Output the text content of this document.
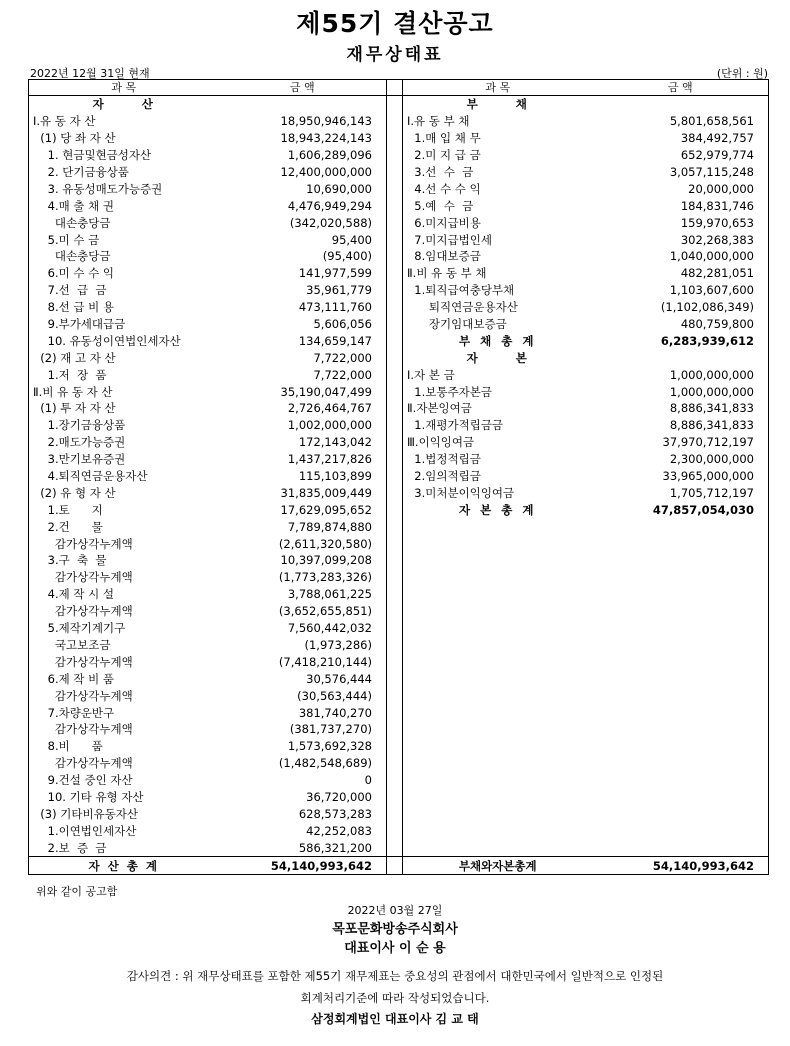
제55기 결산공고
재무상태표
2022년 12월 31일 현재	(단위 : 원)
과 목	금 액		과 목	금 액
자      산			부      채	
Ⅰ.유 동 자 산	18,950,946,143		Ⅰ.유 동 부 채	5,801,658,561
(1) 당 좌 자 산	18,943,224,143		1.매 입 채 무	384,492,757
1. 현금및현금성자산	1,606,289,096		2.미 지 급 금	652,979,774
2. 단기금융상품	12,400,000,000		3.선  수  금	3,057,115,248
3. 유동성매도가능증권	10,690,000		4.선 수 수 익	20,000,000
4.매 출 채 권	4,476,949,294		5.예  수  금	184,831,746
대손충당금	(342,020,588)		6.미지급비용	159,970,653
5.미 수 금	95,400		7.미지급법인세	302,268,383
대손충당금	(95,400)		8.임대보증금	1,040,000,000
6.미 수 수 익	141,977,599		Ⅱ.비 유 동 부 채	482,281,051
7.선  급  금	35,961,779		1.퇴직급여충당부채	1,103,607,600
8.선 급 비 용	473,111,760		퇴직연금운용자산	(1,102,086,349)
9.부가세대급금	5,606,056		장기임대보증금	480,759,800
10. 유동성이연법인세자산	134,659,147		부 채 총 계	6,283,939,612
(2) 재 고 자 산	7,722,000		자      본	
1.저  장  품	7,722,000		Ⅰ.자 본 금	1,000,000,000
Ⅱ.비 유 동 자 산	35,190,047,499		1.보통주자본금	1,000,000,000
(1) 투 자 자 산	2,726,464,767		Ⅱ.자본잉여금	8,886,341,833
1.장기금융상품	1,002,000,000		1.재평가적립금금	8,886,341,833
2.매도가능증권	172,143,042		Ⅲ.이익잉여금	37,970,712,197
3.만기보유증권	1,437,217,826		1.법정적립금	2,300,000,000
4.퇴직연금운용자산	115,103,899		2.임의적립금	33,965,000,000
(2) 유 형 자 산	31,835,009,449		3.미처분이익잉여금	1,705,712,197
1.토      지	17,629,095,652		자 본 총 계	47,857,054,030
2.건      물	7,789,874,880			
감가상각누계액	(2,611,320,580)			
3.구  축  물	10,397,099,208			
감가상각누계액	(1,773,283,326)			
4.제 작 시 설	3,788,061,225			
감가상각누계액	(3,652,655,851)			
5.제작기계기구	7,560,442,032			
국고보조금	(1,973,286)			
감가상각누계액	(7,418,210,144)			
6.제 작 비 품	30,576,444			
감가상각누계액	(30,563,444)			
7.차량운반구	381,740,270			
감가상각누계액	(381,737,270)			
8.비      품	1,573,692,328			
감가상각누계액	(1,482,548,689)			
9.건설 중인 자산	0			
10. 기타 유형 자산	36,720,000			
(3) 기타비유동자산	628,573,283			
1.이연법인세자산	42,252,083			
2.보  증  금	586,321,200			
자 산 총 계	54,140,993,642		부채와자본총계	54,140,993,642
위와 같이 공고함
2022년 03월 27일
목포문화방송주식회사
대표이사 이 순 용
감사의견 : 위 재무상태표를 포함한 제55기 재무제표는 중요성의 관점에서 대한민국에서 일반적으로 인정된
회계처리기준에 따라 작성되었습니다.
삼정회계법인 대표이사 김 교 태
